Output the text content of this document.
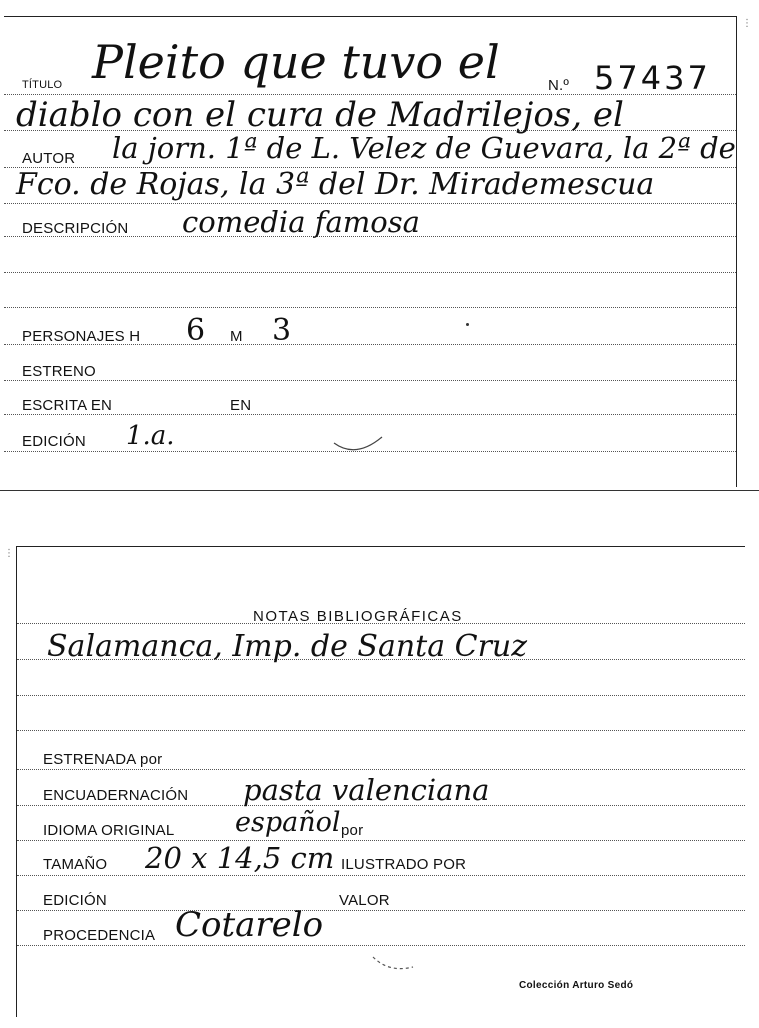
TÍTULO Pleito que tuvo el	N.º 57437
diablo con el cura de Madrilejos, el
AUTOR la jorn. 1ª de L. Velez de Guevara, la 2ª de
Fco. de Rojas, la 3ª del Dr. Mirademescua
DESCRIPCIÓN comedia famosa
PERSONAJES H 6 M 3
ESTRENO
ESCRITA EN	EN
EDICIÓN 1.a.
NOTAS BIBLIOGRÁFICAS
Salamanca, Imp. de Santa Cruz
ESTRENADA por
ENCUADERNACIÓN pasta valenciana
IDIOMA ORIGINAL español por
TAMAÑO 20 x 14,5 cm ILUSTRADO POR
EDICIÓN	VALOR
PROCEDENCIA Cotarelo
Colección Arturo Sedó
⋮
⋮
